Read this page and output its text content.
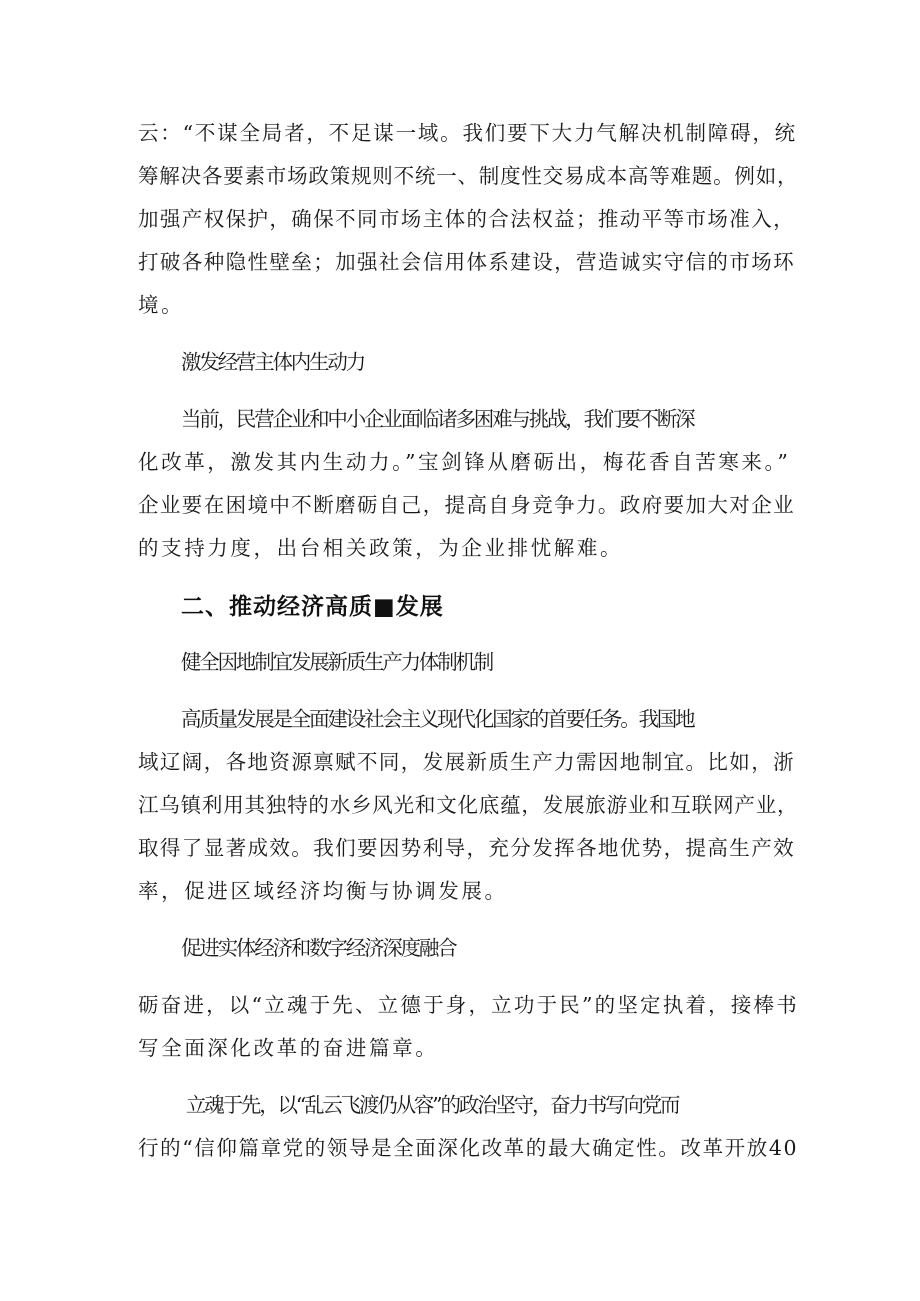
云：“不谋全局者，不足谋一域。我们要下大力气解决机制障碍，统
筹解决各要素市场政策规则不统一、制度性交易成本高等难题。例如，
加强产权保护，确保不同市场主体的合法权益；推动平等市场准入，
打破各种隐性壁垒；加强社会信用体系建设，营造诚实守信的市场环
境。
激发经营主体内生动力
当前，民营企业和中小企业面临诸多困难与挑战，我们要不断深
化改革，激发其内生动力。”宝剑锋从磨砺出，梅花香自苦寒来。”
企业要在困境中不断磨砺自己，提高自身竞争力。政府要加大对企业
的支持力度，出台相关政策，为企业排忧解难。
二、推动经济高质■发展
健全因地制宜发展新质生产力体制机制
高质量发展是全面建设社会主义现代化国家的首要任务。我国地
域辽阔，各地资源禀赋不同，发展新质生产力需因地制宜。比如，浙
江乌镇利用其独特的水乡风光和文化底蕴，发展旅游业和互联网产业，
取得了显著成效。我们要因势利导，充分发挥各地优势，提高生产效
率，促进区域经济均衡与协调发展。
促进实体经济和数字经济深度融合
砺奋进，以“立魂于先、立德于身，立功于民”的坚定执着，接棒书
写全面深化改革的奋进篇章。
立魂于先，以“乱云飞渡仍从容”的政治坚守，奋力书写向党而
行的“信仰篇章党的领导是全面深化改革的最大确定性。改革开放40
